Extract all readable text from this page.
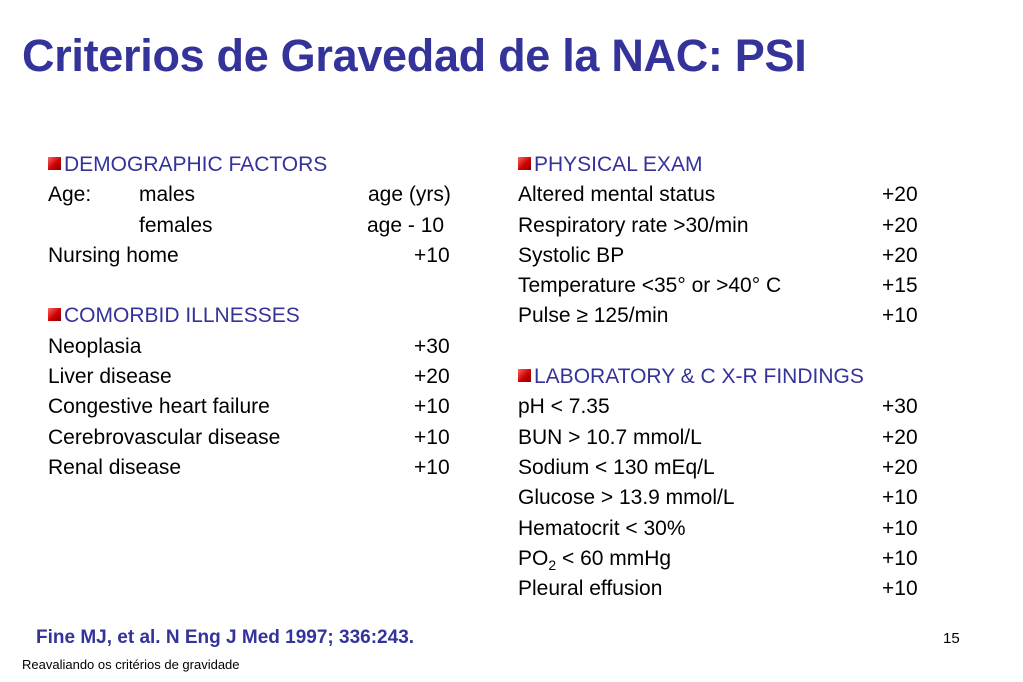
Criterios de Gravedad de la NAC: PSI
DEMOGRAPHIC FACTORS
Age: males	age (yrs)
females	age - 10
Nursing home	+10
COMORBID ILLNESSES
Neoplasia	+30
Liver disease	+20
Congestive heart failure	+10
Cerebrovascular disease	+10
Renal disease	+10
PHYSICAL EXAM
Altered mental status	+20
Respiratory rate >30/min	+20
Systolic BP	+20
Temperature <35° or >40° C	+15
Pulse ≥ 125/min	+10
LABORATORY & C X-R FINDINGS
pH < 7.35	+30
BUN > 10.7 mmol/L	+20
Sodium < 130 mEq/L	+20
Glucose > 13.9 mmol/L	+10
Hematocrit < 30%	+10
$PO_2 < 60$ mmHg	+10
Pleural effusion	+10
Fine MJ, et al. N Eng J Med 1997; 336:243.	15
Reavaliando os critérios de gravidade
